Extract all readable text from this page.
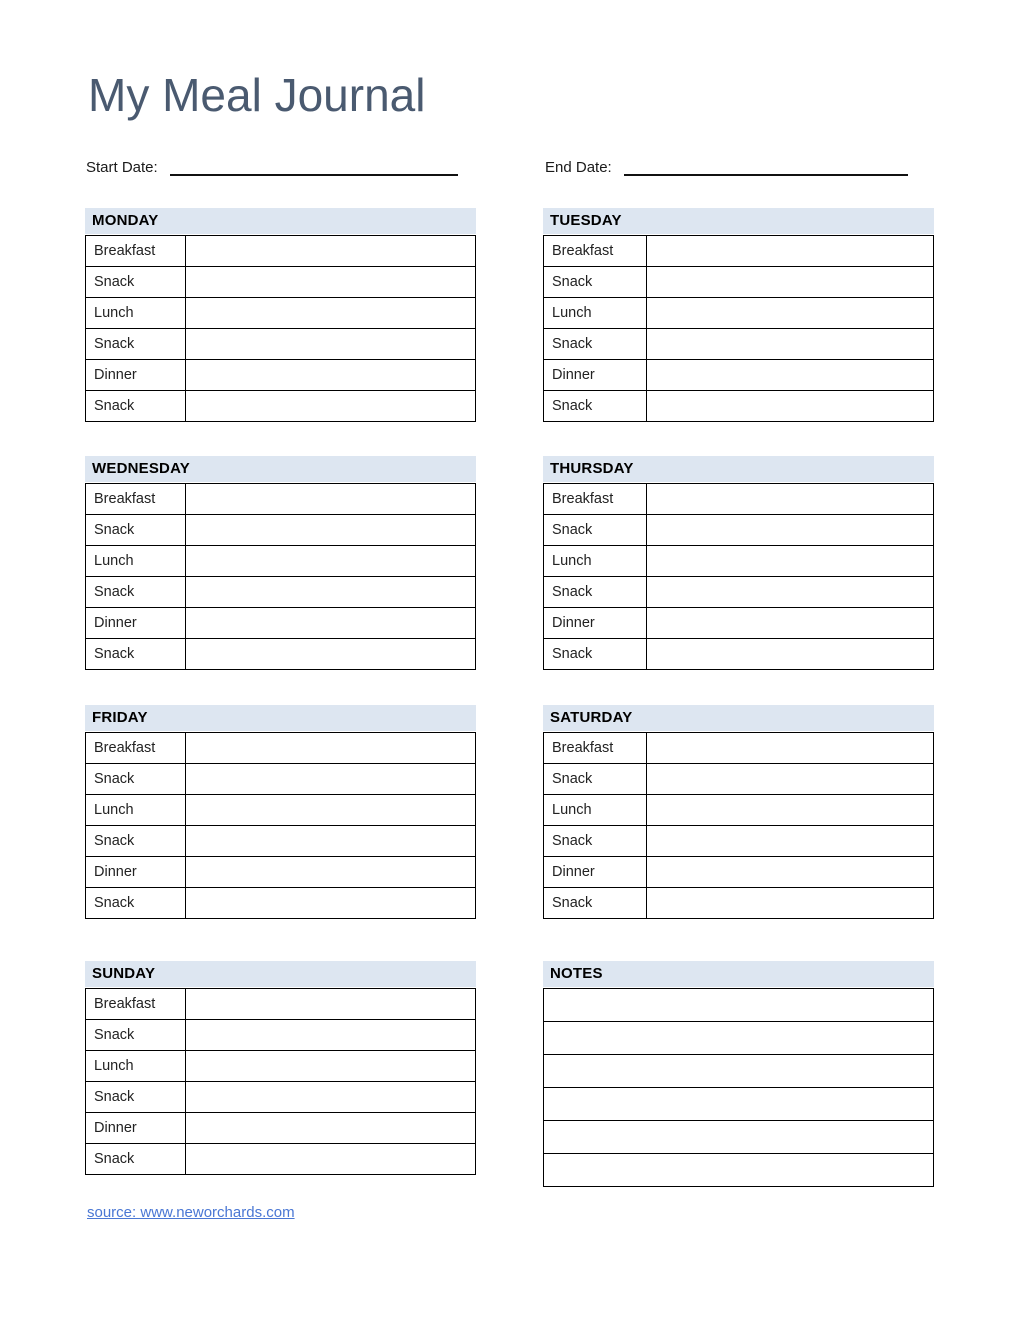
My Meal Journal
Start Date:	End Date:
MONDAY
Breakfast	
Snack	
Lunch	
Snack	
Dinner	
Snack	
TUESDAY
Breakfast	
Snack	
Lunch	
Snack	
Dinner	
Snack	
WEDNESDAY
Breakfast	
Snack	
Lunch	
Snack	
Dinner	
Snack	
THURSDAY
Breakfast	
Snack	
Lunch	
Snack	
Dinner	
Snack	
FRIDAY
Breakfast	
Snack	
Lunch	
Snack	
Dinner	
Snack	
SATURDAY
Breakfast	
Snack	
Lunch	
Snack	
Dinner	
Snack	
SUNDAY
Breakfast	
Snack	
Lunch	
Snack	
Dinner	
Snack	
NOTES

source: www.neworchards.com
